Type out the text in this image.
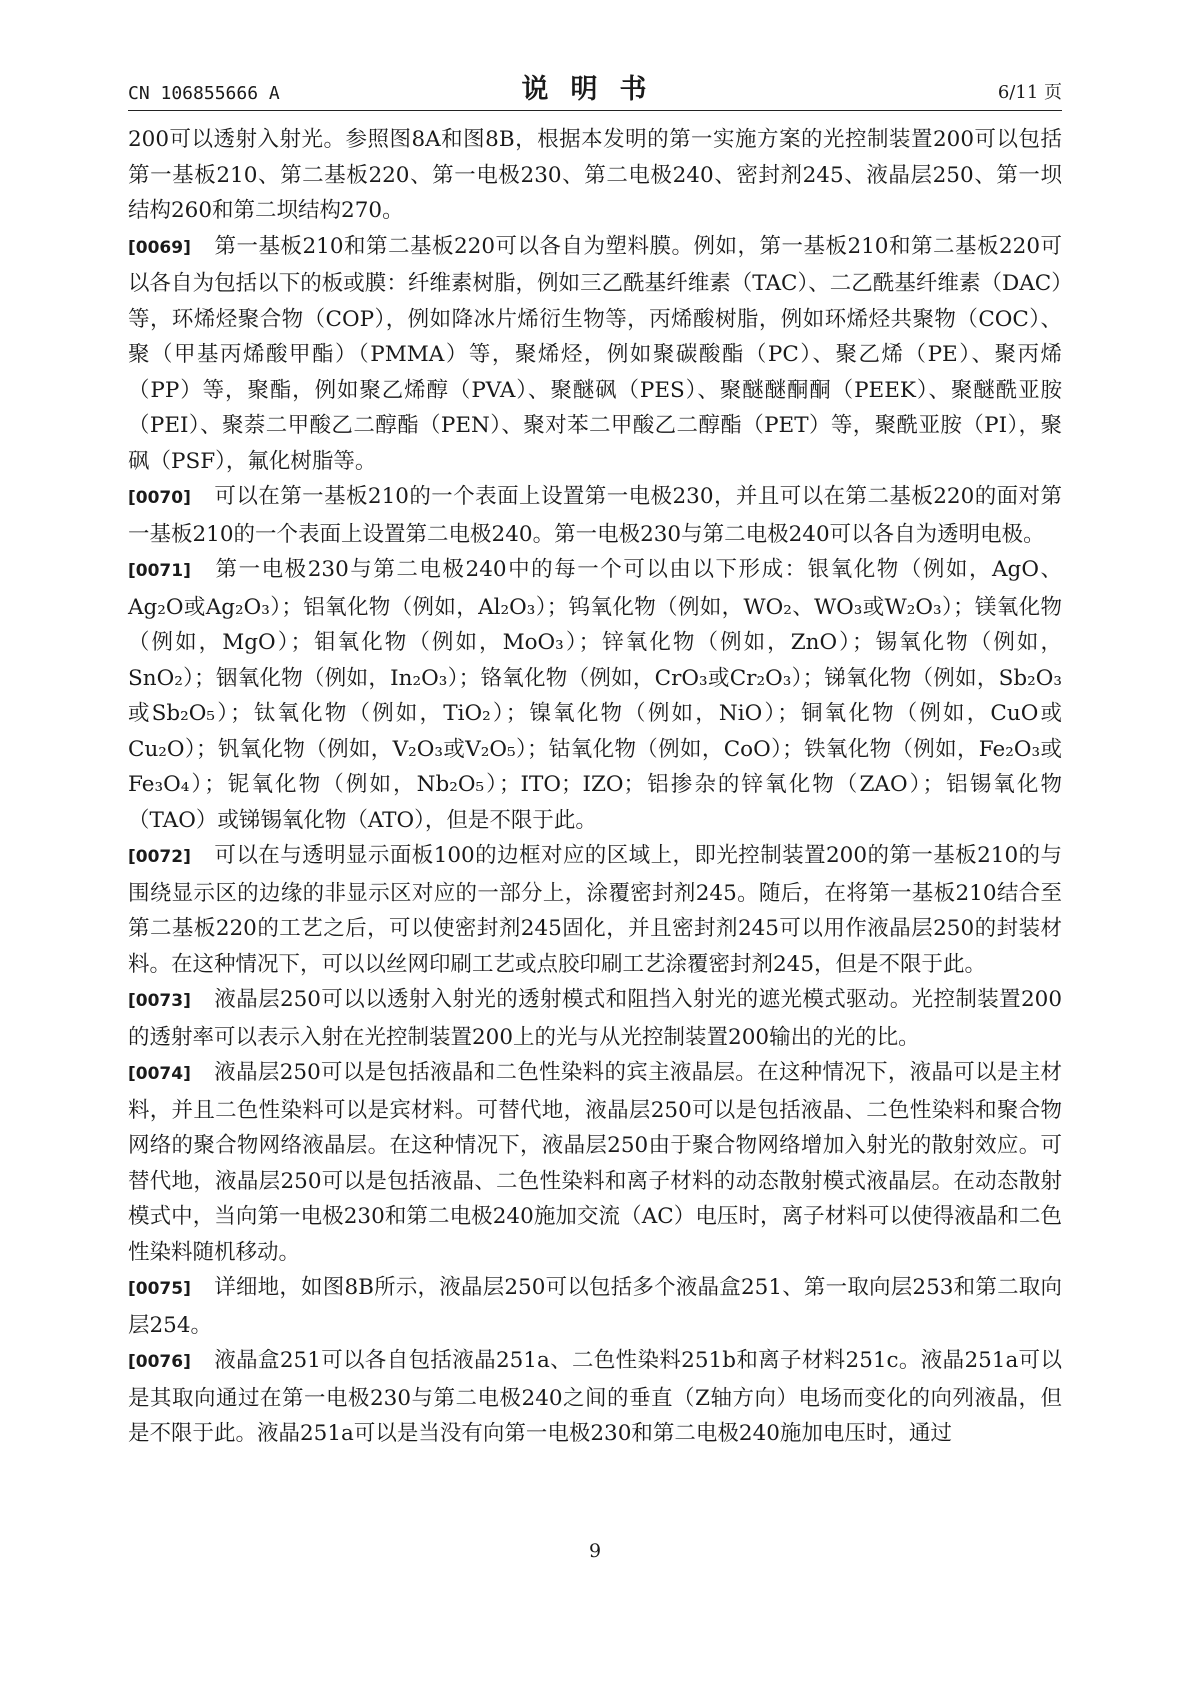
CN 106855666 A	说明书	6/11 页

200可以透射入射光。参照图8A和图8B，根据本发明的第一实施方案的光控制装置200可以包括第一基板210、第二基板220、第一电极230、第二电极240、密封剂245、液晶层250、第一坝结构260和第二坝结构270。

[0069] 第一基板210和第二基板220可以各自为塑料膜。例如，第一基板210和第二基板220可以各自为包括以下的板或膜：纤维素树脂，例如三乙酰基纤维素（TAC）、二乙酰基纤维素（DAC）等，环烯烃聚合物（COP），例如降冰片烯衍生物等，丙烯酸树脂，例如环烯烃共聚物（COC）、聚（甲基丙烯酸甲酯）（PMMA）等，聚烯烃，例如聚碳酸酯（PC）、聚乙烯（PE）、聚丙烯（PP）等，聚酯，例如聚乙烯醇（PVA）、聚醚砜（PES）、聚醚醚酮酮（PEEK）、聚醚酰亚胺（PEI）、聚萘二甲酸乙二醇酯（PEN）、聚对苯二甲酸乙二醇酯（PET）等，聚酰亚胺（PI），聚砜（PSF），氟化树脂等。

[0070] 可以在第一基板210的一个表面上设置第一电极230，并且可以在第二基板220的面对第一基板210的一个表面上设置第二电极240。第一电极230与第二电极240可以各自为透明电极。

[0071] 第一电极230与第二电极240中的每一个可以由以下形成：银氧化物（例如，AgO、Ag₂O或Ag₂O₃）；铝氧化物（例如，Al₂O₃）；钨氧化物（例如，WO₂、WO₃或W₂O₃）；镁氧化物（例如，MgO）；钼氧化物（例如，MoO₃）；锌氧化物（例如，ZnO）；锡氧化物（例如，SnO₂）；铟氧化物（例如，In₂O₃）；铬氧化物（例如，CrO₃或Cr₂O₃）；锑氧化物（例如，Sb₂O₃或Sb₂O₅）；钛氧化物（例如，TiO₂）；镍氧化物（例如，NiO）；铜氧化物（例如，CuO或Cu₂O）；钒氧化物（例如，V₂O₃或V₂O₅）；钴氧化物（例如，CoO）；铁氧化物（例如，Fe₂O₃或Fe₃O₄）；铌氧化物（例如，Nb₂O₅）；ITO；IZO；铝掺杂的锌氧化物（ZAO）；铝锡氧化物（TAO）或锑锡氧化物（ATO），但是不限于此。

[0072] 可以在与透明显示面板100的边框对应的区域上，即光控制装置200的第一基板210的与围绕显示区的边缘的非显示区对应的一部分上，涂覆密封剂245。随后，在将第一基板210结合至第二基板220的工艺之后，可以使密封剂245固化，并且密封剂245可以用作液晶层250的封装材料。在这种情况下，可以以丝网印刷工艺或点胶印刷工艺涂覆密封剂245，但是不限于此。

[0073] 液晶层250可以以透射入射光的透射模式和阻挡入射光的遮光模式驱动。光控制装置200的透射率可以表示入射在光控制装置200上的光与从光控制装置200输出的光的比。

[0074] 液晶层250可以是包括液晶和二色性染料的宾主液晶层。在这种情况下，液晶可以是主材料，并且二色性染料可以是宾材料。可替代地，液晶层250可以是包括液晶、二色性染料和聚合物网络的聚合物网络液晶层。在这种情况下，液晶层250由于聚合物网络增加入射光的散射效应。可替代地，液晶层250可以是包括液晶、二色性染料和离子材料的动态散射模式液晶层。在动态散射模式中，当向第一电极230和第二电极240施加交流（AC）电压时，离子材料可以使得液晶和二色性染料随机移动。

[0075] 详细地，如图8B所示，液晶层250可以包括多个液晶盒251、第一取向层253和第二取向层254。

[0076] 液晶盒251可以各自包括液晶251a、二色性染料251b和离子材料251c。液晶251a可以是其取向通过在第一电极230与第二电极240之间的垂直（Z轴方向）电场而变化的向列液晶，但是不限于此。液晶251a可以是当没有向第一电极230和第二电极240施加电压时，通过

9
